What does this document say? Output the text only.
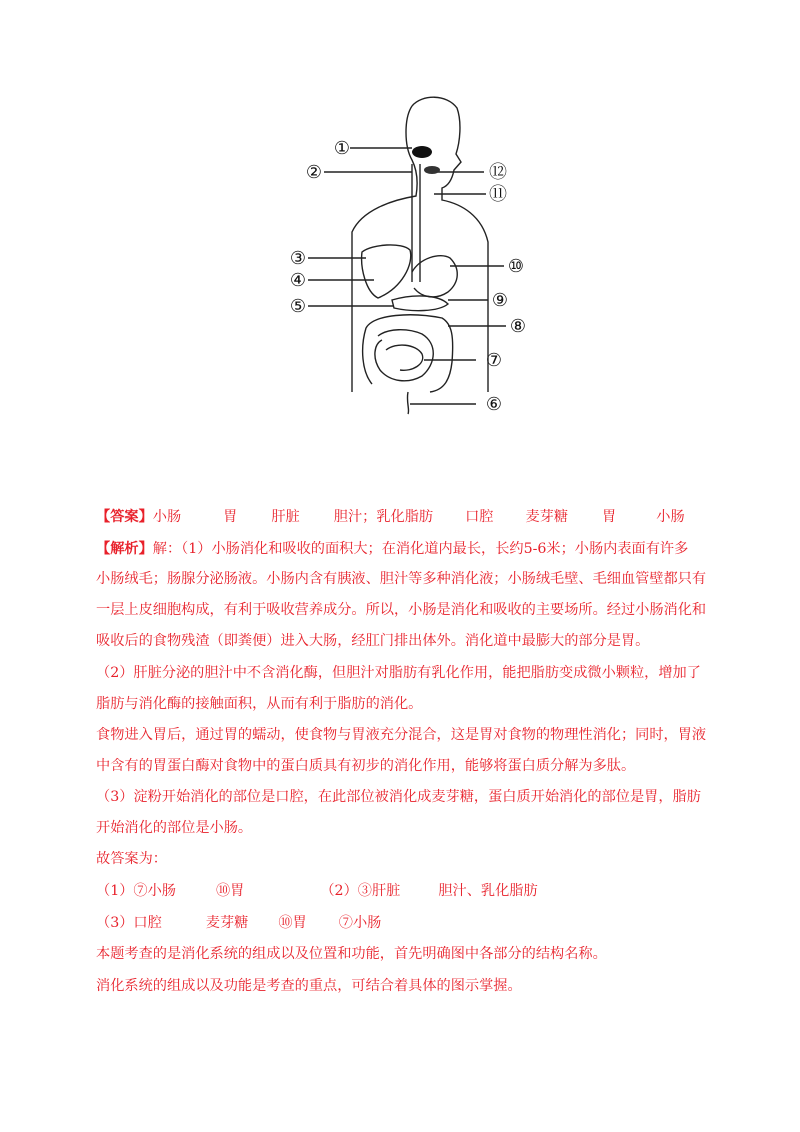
①
②
③
④
⑤
⑥
⑦
⑧
⑨
⑩
⑪
⑫
【答案】小肠	胃 肝脏 胆汁；乳化脂肪 口腔 麦芽糖 胃	小肠
【解析】解：（1）小肠消化和吸收的面积大；在消化道内最长，长约5-6米；小肠内表面有许多
小肠绒毛；肠腺分泌肠液。小肠内含有胰液、胆汁等多种消化液；小肠绒毛壁、毛细血管壁都只有
一层上皮细胞构成，有利于吸收营养成分。所以，小肠是消化和吸收的主要场所。经过小肠消化和
吸收后的食物残渣（即粪便）进入大肠，经肛门排出体外。消化道中最膨大的部分是胃。
（2）肝脏分泌的胆汁中不含消化酶，但胆汁对脂肪有乳化作用，能把脂肪变成微小颗粒，增加了
脂肪与消化酶的接触面积，从而有利于脂肪的消化。
食物进入胃后，通过胃的蠕动，使食物与胃液充分混合，这是胃对食物的物理性消化；同时，胃液
中含有的胃蛋白酶对食物中的蛋白质具有初步的消化作用，能够将蛋白质分解为多肽。
（3）淀粉开始消化的部位是口腔，在此部位被消化成麦芽糖，蛋白质开始消化的部位是胃，脂肪
开始消化的部位是小肠。
故答案为：
（1）⑦小肠	⑩胃	（2）③肝脏	胆汁、乳化脂肪
（3）口腔	麦芽糖 ⑩胃 ⑦小肠
本题考查的是消化系统的组成以及位置和功能，首先明确图中各部分的结构名称。
消化系统的组成以及功能是考查的重点，可结合着具体的图示掌握。
